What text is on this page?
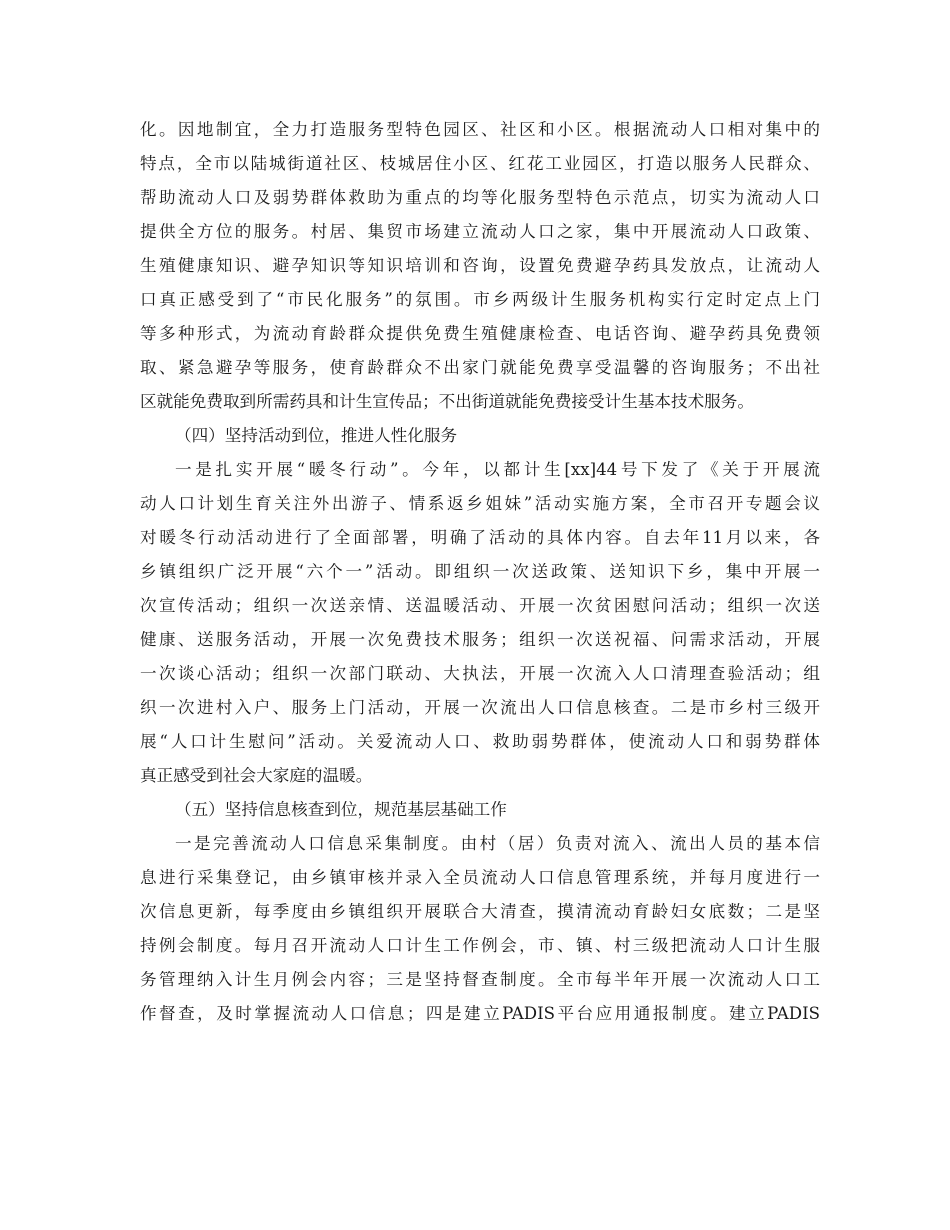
化。因地制宜，全力打造服务型特色园区、社区和小区。根据流动人口相对集中的
特点，全市以陆城街道社区、枝城居住小区、红花工业园区，打造以服务人民群众、
帮助流动人口及弱势群体救助为重点的均等化服务型特色示范点，切实为流动人口
提供全方位的服务。村居、集贸市场建立流动人口之家，集中开展流动人口政策、
生殖健康知识、避孕知识等知识培训和咨询，设置免费避孕药具发放点，让流动人
口真正感受到了“市民化服务”的氛围。市乡两级计生服务机构实行定时定点上门
等多种形式，为流动育龄群众提供免费生殖健康检查、电话咨询、避孕药具免费领
取、紧急避孕等服务，使育龄群众不出家门就能免费享受温馨的咨询服务；不出社
区就能免费取到所需药具和计生宣传品；不出街道就能免费接受计生基本技术服务。
（四）坚持活动到位，推进人性化服务
一是扎实开展“暖冬行动”。今年，以都计生[xx]44号下发了《关于开展流
动人口计划生育关注外出游子、情系返乡姐妹”活动实施方案，全市召开专题会议
对暖冬行动活动进行了全面部署，明确了活动的具体内容。自去年11月以来，各
乡镇组织广泛开展“六个一”活动。即组织一次送政策、送知识下乡，集中开展一
次宣传活动；组织一次送亲情、送温暖活动、开展一次贫困慰问活动；组织一次送
健康、送服务活动，开展一次免费技术服务；组织一次送祝福、问需求活动，开展
一次谈心活动；组织一次部门联动、大执法，开展一次流入人口清理查验活动；组
织一次进村入户、服务上门活动，开展一次流出人口信息核查。二是市乡村三级开
展“人口计生慰问”活动。关爱流动人口、救助弱势群体，使流动人口和弱势群体
真正感受到社会大家庭的温暖。
（五）坚持信息核查到位，规范基层基础工作
一是完善流动人口信息采集制度。由村（居）负责对流入、流出人员的基本信
息进行采集登记，由乡镇审核并录入全员流动人口信息管理系统，并每月度进行一
次信息更新，每季度由乡镇组织开展联合大清查，摸清流动育龄妇女底数；二是坚
持例会制度。每月召开流动人口计生工作例会，市、镇、村三级把流动人口计生服
务管理纳入计生月例会内容；三是坚持督查制度。全市每半年开展一次流动人口工
作督查，及时掌握流动人口信息；四是建立PADIS平台应用通报制度。建立PADIS
